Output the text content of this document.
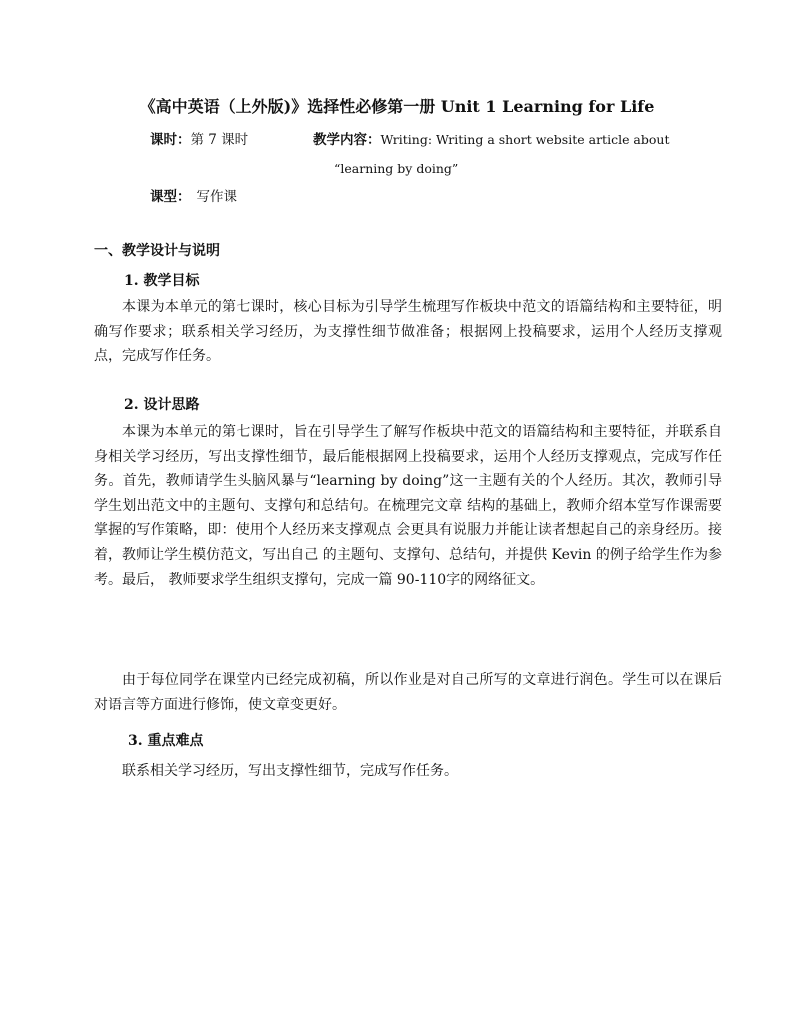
《高中英语（上外版)》选择性必修第一册 Unit 1 Learning for Life
课时：第 7 课时	教学内容：Writing: Writing a short website article about
“learning by doing”
课型： 写作课
一、教学设计与说明
1. 教学目标

本课为本单元的第七课时，核心目标为引导学生梳理写作板块中范文的语篇结构和主要特征，明确写作要求；联系相关学习经历，为支撑性细节做准备；根据网上投稿要求，运用个人经历支撑观点，完成写作任务。

2. 设计思路

本课为本单元的第七课时，旨在引导学生了解写作板块中范文的语篇结构和主要特征，并联系自身相关学习经历，写出支撑性细节，最后能根据网上投稿要求，运用个人经历支撑观点，完成写作任务。首先，教师请学生头脑风暴与“learning by doing”这一主题有关的个人经历。其次，教师引导学生划出范文中的主题句、支撑句和总结句。在梳理完文章 结构的基础上，教师介绍本堂写作课需要掌握的写作策略，即：使用个人经历来支撑观点 会更具有说服力并能让读者想起自己的亲身经历。接着，教师让学生模仿范文，写出自己 的主题句、支撑句、总结句，并提供 Kevin 的例子给学生作为参考。最后， 教师要求学生组织支撑句，完成一篇 90-110字的网络征文。

由于每位同学在课堂内已经完成初稿，所以作业是对自己所写的文章进行润色。学生可以在课后对语言等方面进行修饰，使文章变更好。

3. 重点难点

联系相关学习经历，写出支撑性细节，完成写作任务。
